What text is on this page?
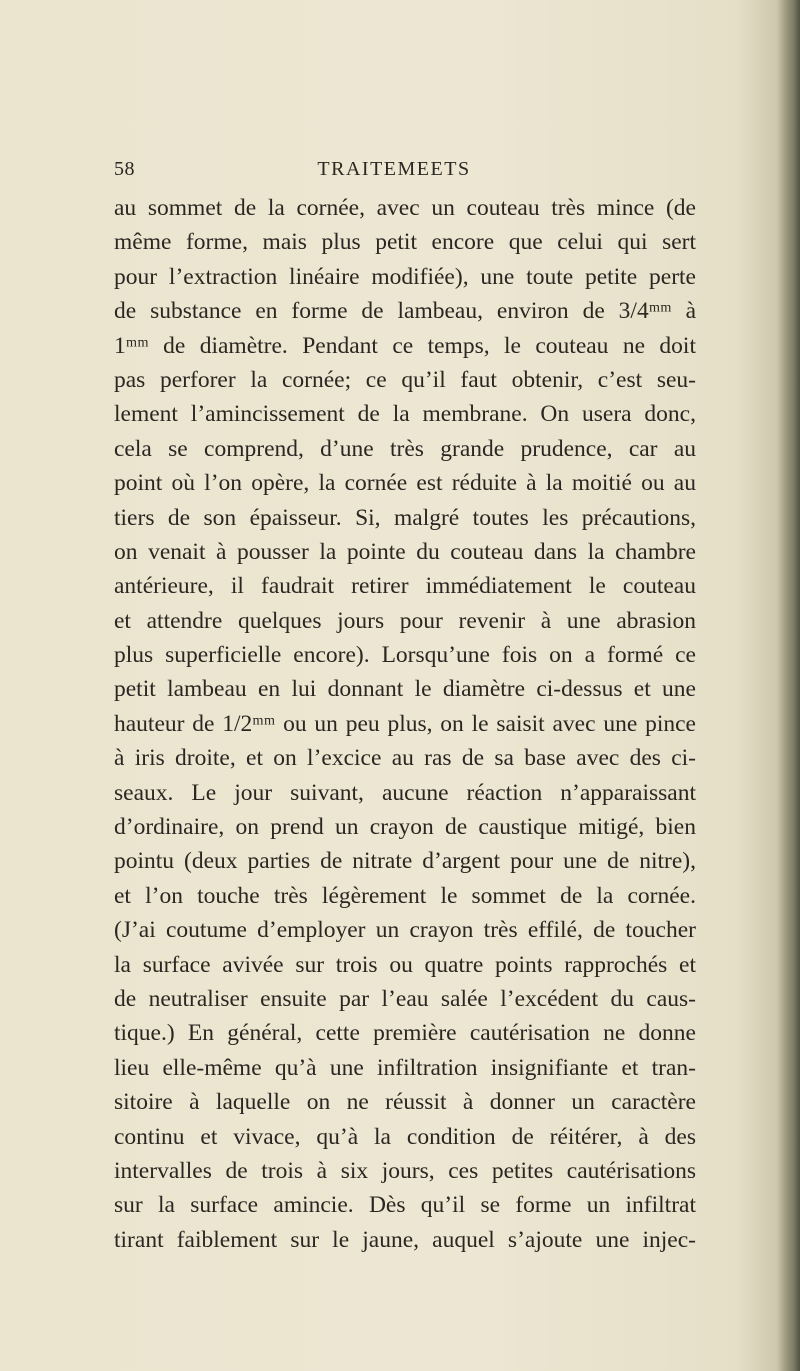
58	TRAITEMEETS
au sommet de la cornée, avec un couteau très mince (de
même forme, mais plus petit encore que celui qui sert
pour l’extraction linéaire modifiée), une toute petite perte
de substance en forme de lambeau, environ de 3/4ᵐᵐ à
1ᵐᵐ de diamètre. Pendant ce temps, le couteau ne doit
pas perforer la cornée; ce qu’il faut obtenir, c’est seu-
lement l’amincissement de la membrane. On usera donc,
cela se comprend, d’une très grande prudence, car au
point où l’on opère, la cornée est réduite à la moitié ou au
tiers de son épaisseur. Si, malgré toutes les précautions,
on venait à pousser la pointe du couteau dans la chambre
antérieure, il faudrait retirer immédiatement le couteau
et attendre quelques jours pour revenir à une abrasion
plus superficielle encore). Lorsqu’une fois on a formé ce
petit lambeau en lui donnant le diamètre ci-dessus et une
hauteur de 1/2ᵐᵐ ou un peu plus, on le saisit avec une pince
à iris droite, et on l’excice au ras de sa base avec des ci-
seaux. Le jour suivant, aucune réaction n’apparaissant
d’ordinaire, on prend un crayon de caustique mitigé, bien
pointu (deux parties de nitrate d’argent pour une de nitre),
et l’on touche très légèrement le sommet de la cornée.
(J’ai coutume d’employer un crayon très effilé, de toucher
la surface avivée sur trois ou quatre points rapprochés et
de neutraliser ensuite par l’eau salée l’excédent du caus-
tique.) En général, cette première cautérisation ne donne
lieu elle-même qu’à une infiltration insignifiante et tran-
sitoire à laquelle on ne réussit à donner un caractère
continu et vivace, qu’à la condition de réitérer, à des
intervalles de trois à six jours, ces petites cautérisations
sur la surface amincie. Dès qu’il se forme un infiltrat
tirant faiblement sur le jaune, auquel s’ajoute une injec-
